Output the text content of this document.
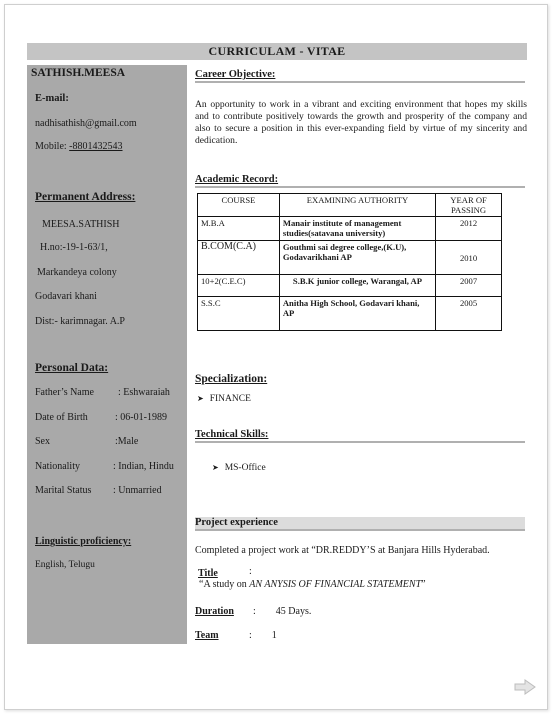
CURRICULAM - VITAE
SATHISH.MEESA
E-mail:
nadhisathish@gmail.com
Mobile: -8801432543
Permanent Address:
MEESA.SATHISH
H.no:-19-1-63/1,
Markandeya colony
Godavari khani
Dist:- karimnagar. A.P
Personal Data:
Father’s Name : Eshwaraiah
Date of Birth	: 06-01-1989
Sex	:Male
Nationality	: Indian, Hindu
Marital Status : Unmarried
Linguistic proficiency:
English, Telugu
Career Objective:
An opportunity to work in a vibrant and exciting environment that hopes my skills and to contribute positively towards the growth and prosperity of the company and also to secure a position in this ever-expanding field by virtue of my sincerity and dedication.
Academic Record:
COURSE	EXAMINING AUTHORITY	YEAR OF PASSING
M.B.A	Manair institute of management studies(satavana university)	2012
B.COM(C.A)	Gouthmi sai degree college,(K.U), Godavarikhani AP	2010
10+2(C.E.C)	S.B.K junior college, Warangal, AP	2007
S.S.C	Anitha High School, Godavari khani, AP	2005
Specialization:
➤ FINANCE
Technical Skills:
➤ MS-Office
Project experience
Completed a project work at “DR.REDDY’S at Banjara Hills Hyderabad.
Title	:
“A study on AN ANYSIS OF FINANCIAL STATEMENT”
Duration :        45 Days.
Team	:        1
